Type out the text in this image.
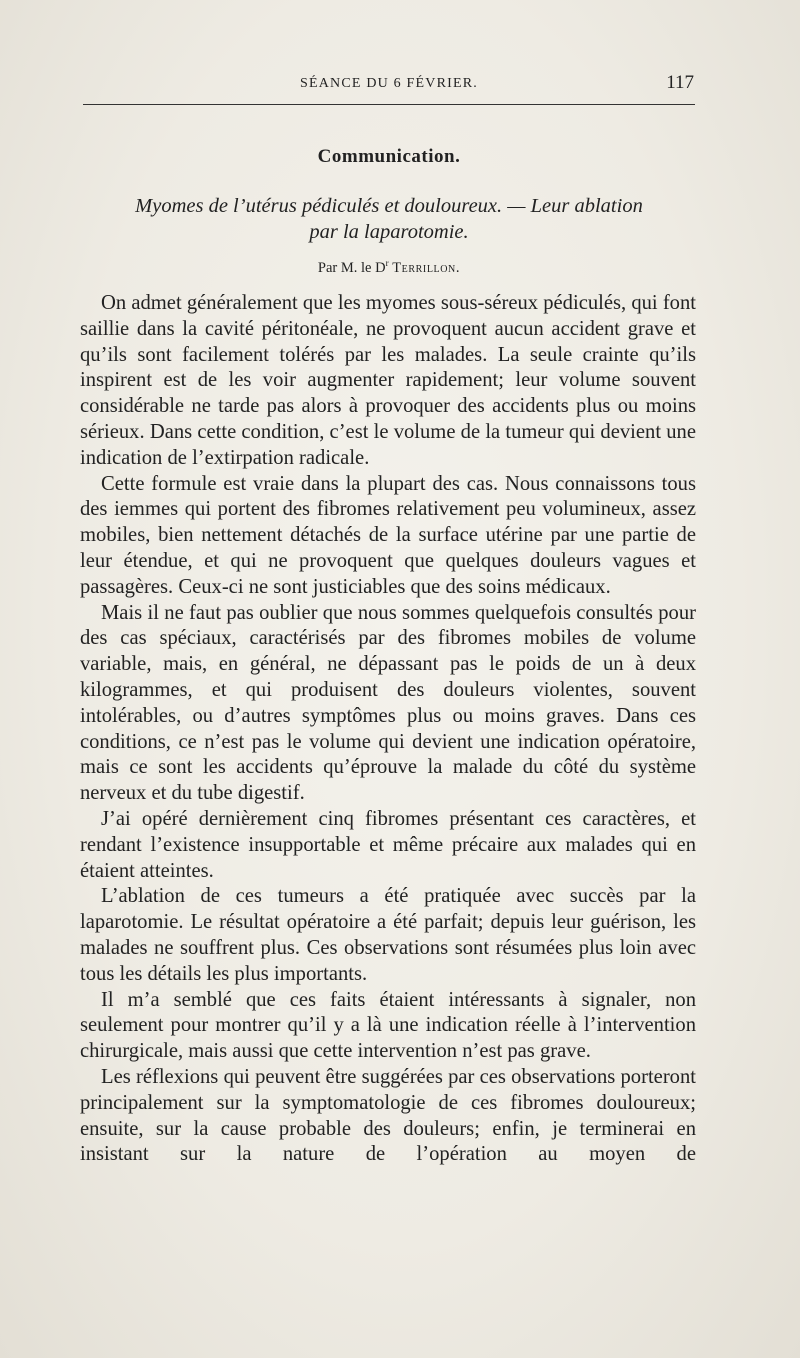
SÉANCE DU 6 FÉVRIER.	117
Communication.
Myomes de l’utérus pédiculés et douloureux. — Leur ablation
par la laparotomie.
Par M. le $D^r$ Terrillon.

On admet généralement que les myomes sous-séreux pédiculés, qui font saillie dans la cavité péritonéale, ne provoquent aucun accident grave et qu’ils sont facilement tolérés par les malades. La seule crainte qu’ils inspirent est de les voir augmenter rapidement; leur volume souvent considérable ne tarde pas alors à provoquer des accidents plus ou moins sérieux. Dans cette condition, c’est le volume de la tumeur qui devient une indication de l’extirpation radicale.

Cette formule est vraie dans la plupart des cas. Nous connaissons tous des iemmes qui portent des fibromes relativement peu volumineux, assez mobiles, bien nettement détachés de la surface utérine par une partie de leur étendue, et qui ne provoquent que quelques douleurs vagues et passagères. Ceux-ci ne sont justiciables que des soins médicaux.

Mais il ne faut pas oublier que nous sommes quelquefois consultés pour des cas spéciaux, caractérisés par des fibromes mobiles de volume variable, mais, en général, ne dépassant pas le poids de un à deux kilogrammes, et qui produisent des douleurs violentes, souvent intolérables, ou d’autres symptômes plus ou moins graves. Dans ces conditions, ce n’est pas le volume qui devient une indication opératoire, mais ce sont les accidents qu’éprouve la malade du côté du système nerveux et du tube digestif.

J’ai opéré dernièrement cinq fibromes présentant ces caractères, et rendant l’existence insupportable et même précaire aux malades qui en étaient atteintes.

L’ablation de ces tumeurs a été pratiquée avec succès par la laparotomie. Le résultat opératoire a été parfait; depuis leur guérison, les malades ne souffrent plus. Ces observations sont résumées plus loin avec tous les détails les plus importants.

Il m’a semblé que ces faits étaient intéressants à signaler, non seulement pour montrer qu’il y a là une indication réelle à l’intervention chirurgicale, mais aussi que cette intervention n’est pas grave.

Les réflexions qui peuvent être suggérées par ces observations porteront principalement sur la symptomatologie de ces fibromes douloureux; ensuite, sur la cause probable des douleurs; enfin, je terminerai en insistant sur la nature de l’opération au moyen de
